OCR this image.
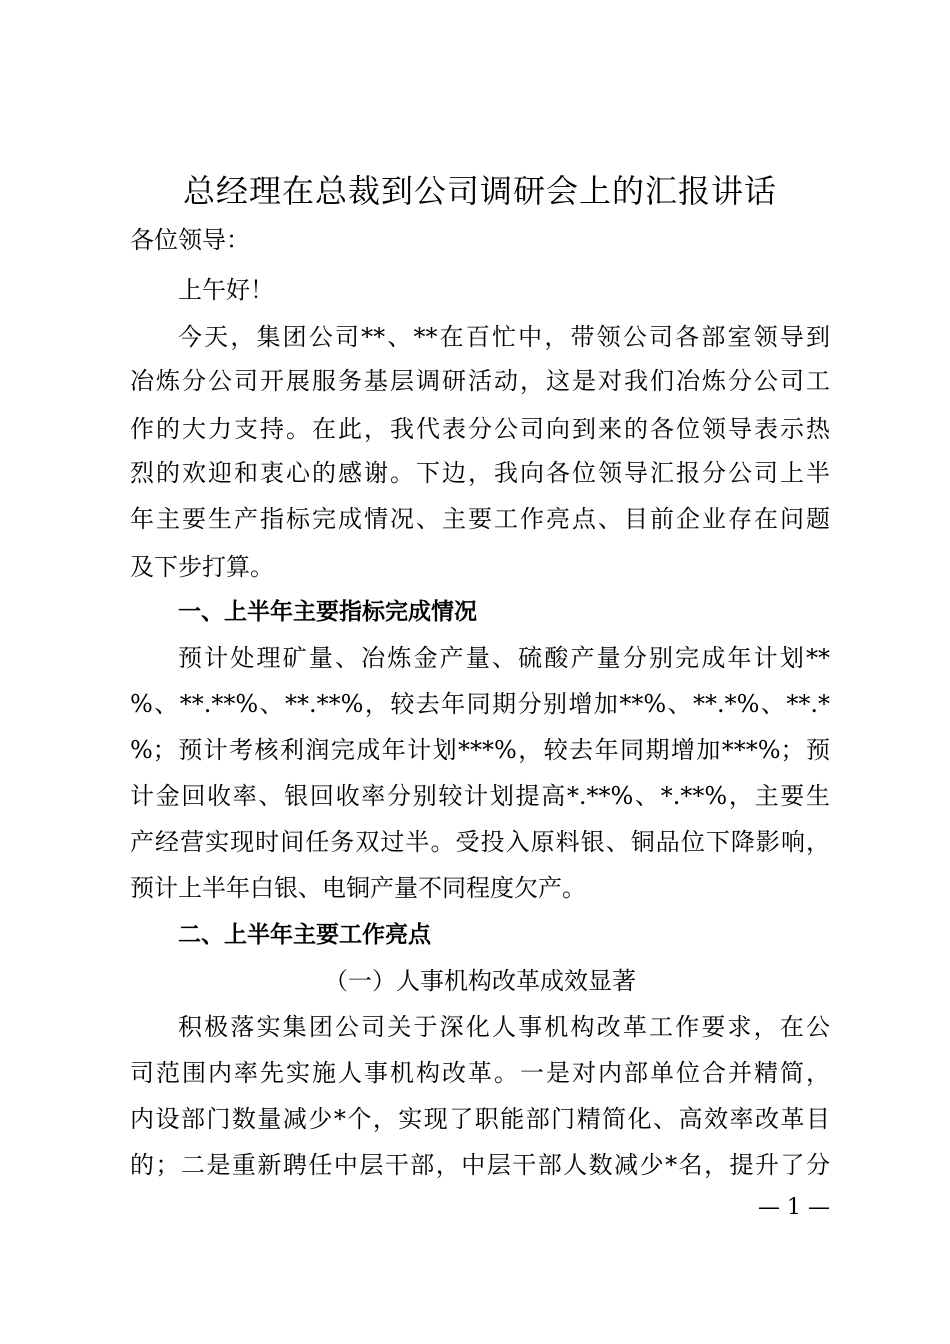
总经理在总裁到公司调研会上的汇报讲话
各位领导：
上午好！
今天，集团公司**、**在百忙中，带领公司各部室领导到
冶炼分公司开展服务基层调研活动，这是对我们冶炼分公司工
作的大力支持。在此，我代表分公司向到来的各位领导表示热
烈的欢迎和衷心的感谢。下边，我向各位领导汇报分公司上半
年主要生产指标完成情况、主要工作亮点、目前企业存在问题
及下步打算。
一、上半年主要指标完成情况
预计处理矿量、冶炼金产量、硫酸产量分别完成年计划**
%、**.**%、**.**%，较去年同期分别增加**%、**.*%、**.*
%；预计考核利润完成年计划***%，较去年同期增加***%；预
计金回收率、银回收率分别较计划提高*.**%、*.**%，主要生
产经营实现时间任务双过半。受投入原料银、铜品位下降影响，
预计上半年白银、电铜产量不同程度欠产。
二、上半年主要工作亮点
（一）人事机构改革成效显著
积极落实集团公司关于深化人事机构改革工作要求，在公
司范围内率先实施人事机构改革。一是对内部单位合并精简，
内设部门数量减少*个，实现了职能部门精简化、高效率改革目
的；二是重新聘任中层干部，中层干部人数减少*名，提升了分
— 1 —
